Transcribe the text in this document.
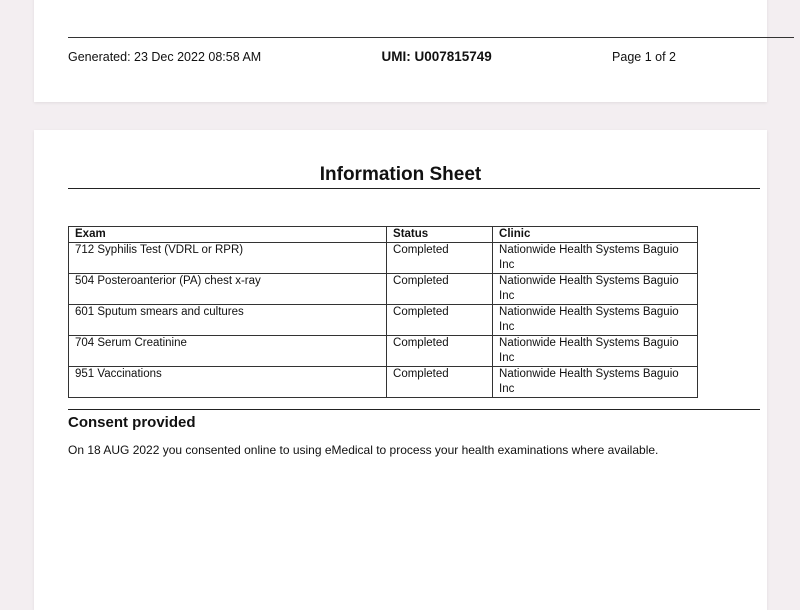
Generated: 23 Dec 2022 08:58 AM	UMI: U007815749	Page 1 of 2
Information Sheet
Exam	Status	Clinic
712 Syphilis Test (VDRL or RPR)	Completed	Nationwide Health Systems Baguio Inc
504 Posteroanterior (PA) chest x-ray	Completed	Nationwide Health Systems Baguio Inc
601 Sputum smears and cultures	Completed	Nationwide Health Systems Baguio Inc
704 Serum Creatinine	Completed	Nationwide Health Systems Baguio Inc
951 Vaccinations	Completed	Nationwide Health Systems Baguio Inc
Consent provided
On 18 AUG 2022 you consented online to using eMedical to process your health examinations where available.
